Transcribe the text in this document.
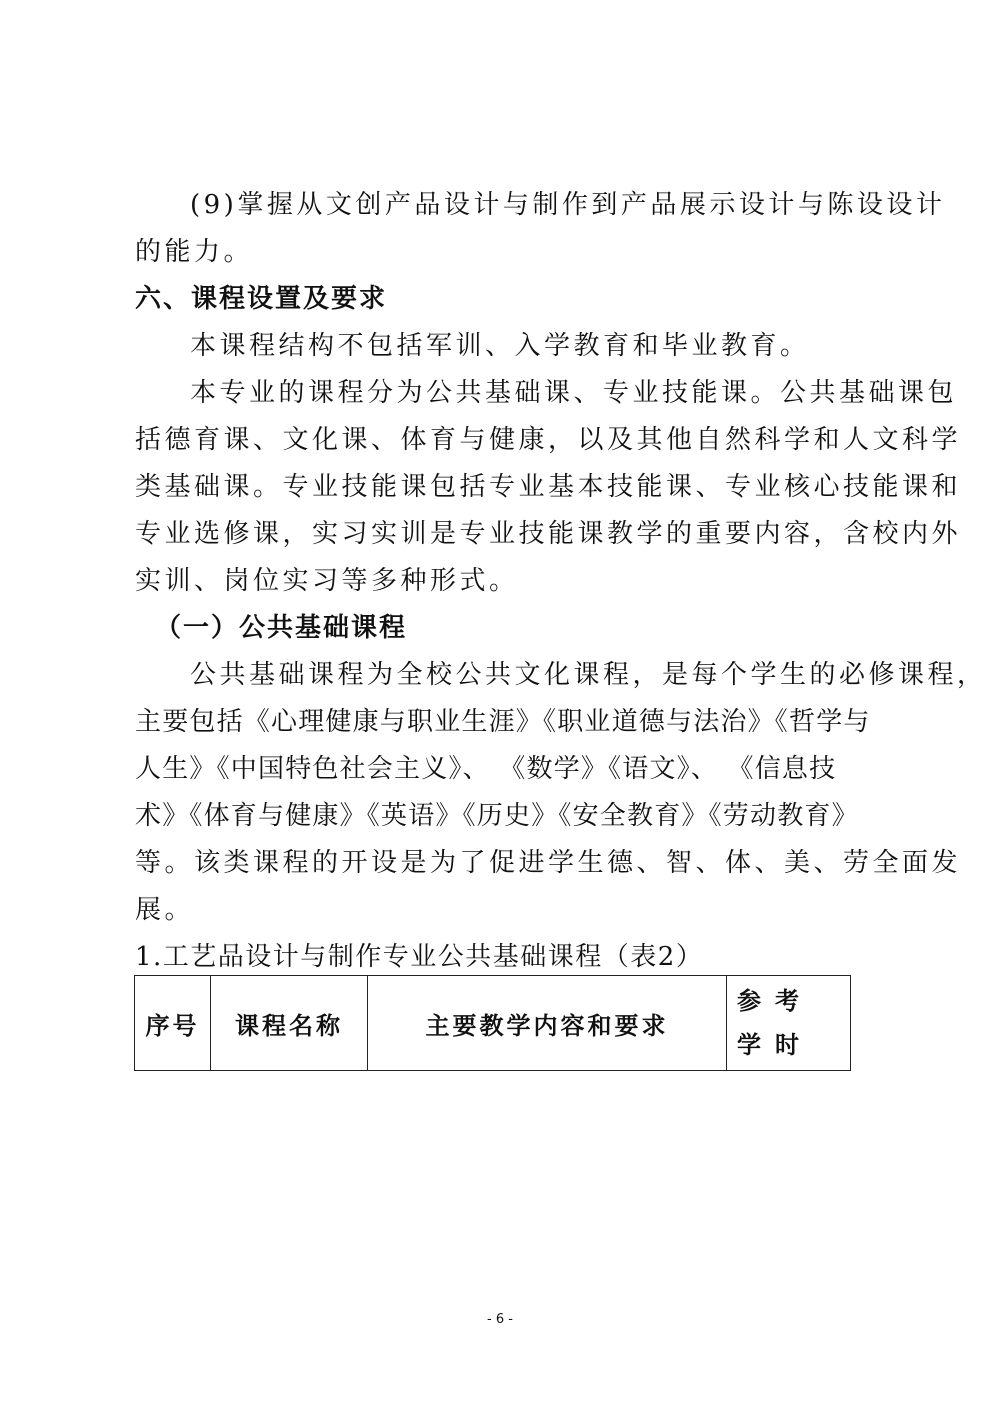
(9)掌握从文创产品设计与制作到产品展示设计与陈设设计
的能力。
六、课程设置及要求
本课程结构不包括军训、入学教育和毕业教育。
本专业的课程分为公共基础课、专业技能课。公共基础课包
括德育课、文化课、体育与健康，以及其他自然科学和人文科学
类基础课。专业技能课包括专业基本技能课、专业核心技能课和
专业选修课，实习实训是专业技能课教学的重要内容，含校内外
实训、岗位实习等多种形式。
（一）公共基础课程
公共基础课程为全校公共文化课程，是每个学生的必修课程，
主要包括《心理健康与职业生涯》《职业道德与法治》《哲学与
人生》《中国特色社会主义》、 《数学》《语文》、 《信息技
术》《体育与健康》《英语》《历史》《安全教育》《劳动教育》
等。该类课程的开设是为了促进学生德、智、体、美、劳全面发
展。
1.工艺品设计与制作专业公共基础课程（表2）
序号	课程名称	主要教学内容和要求	参考学时
- 6 -
